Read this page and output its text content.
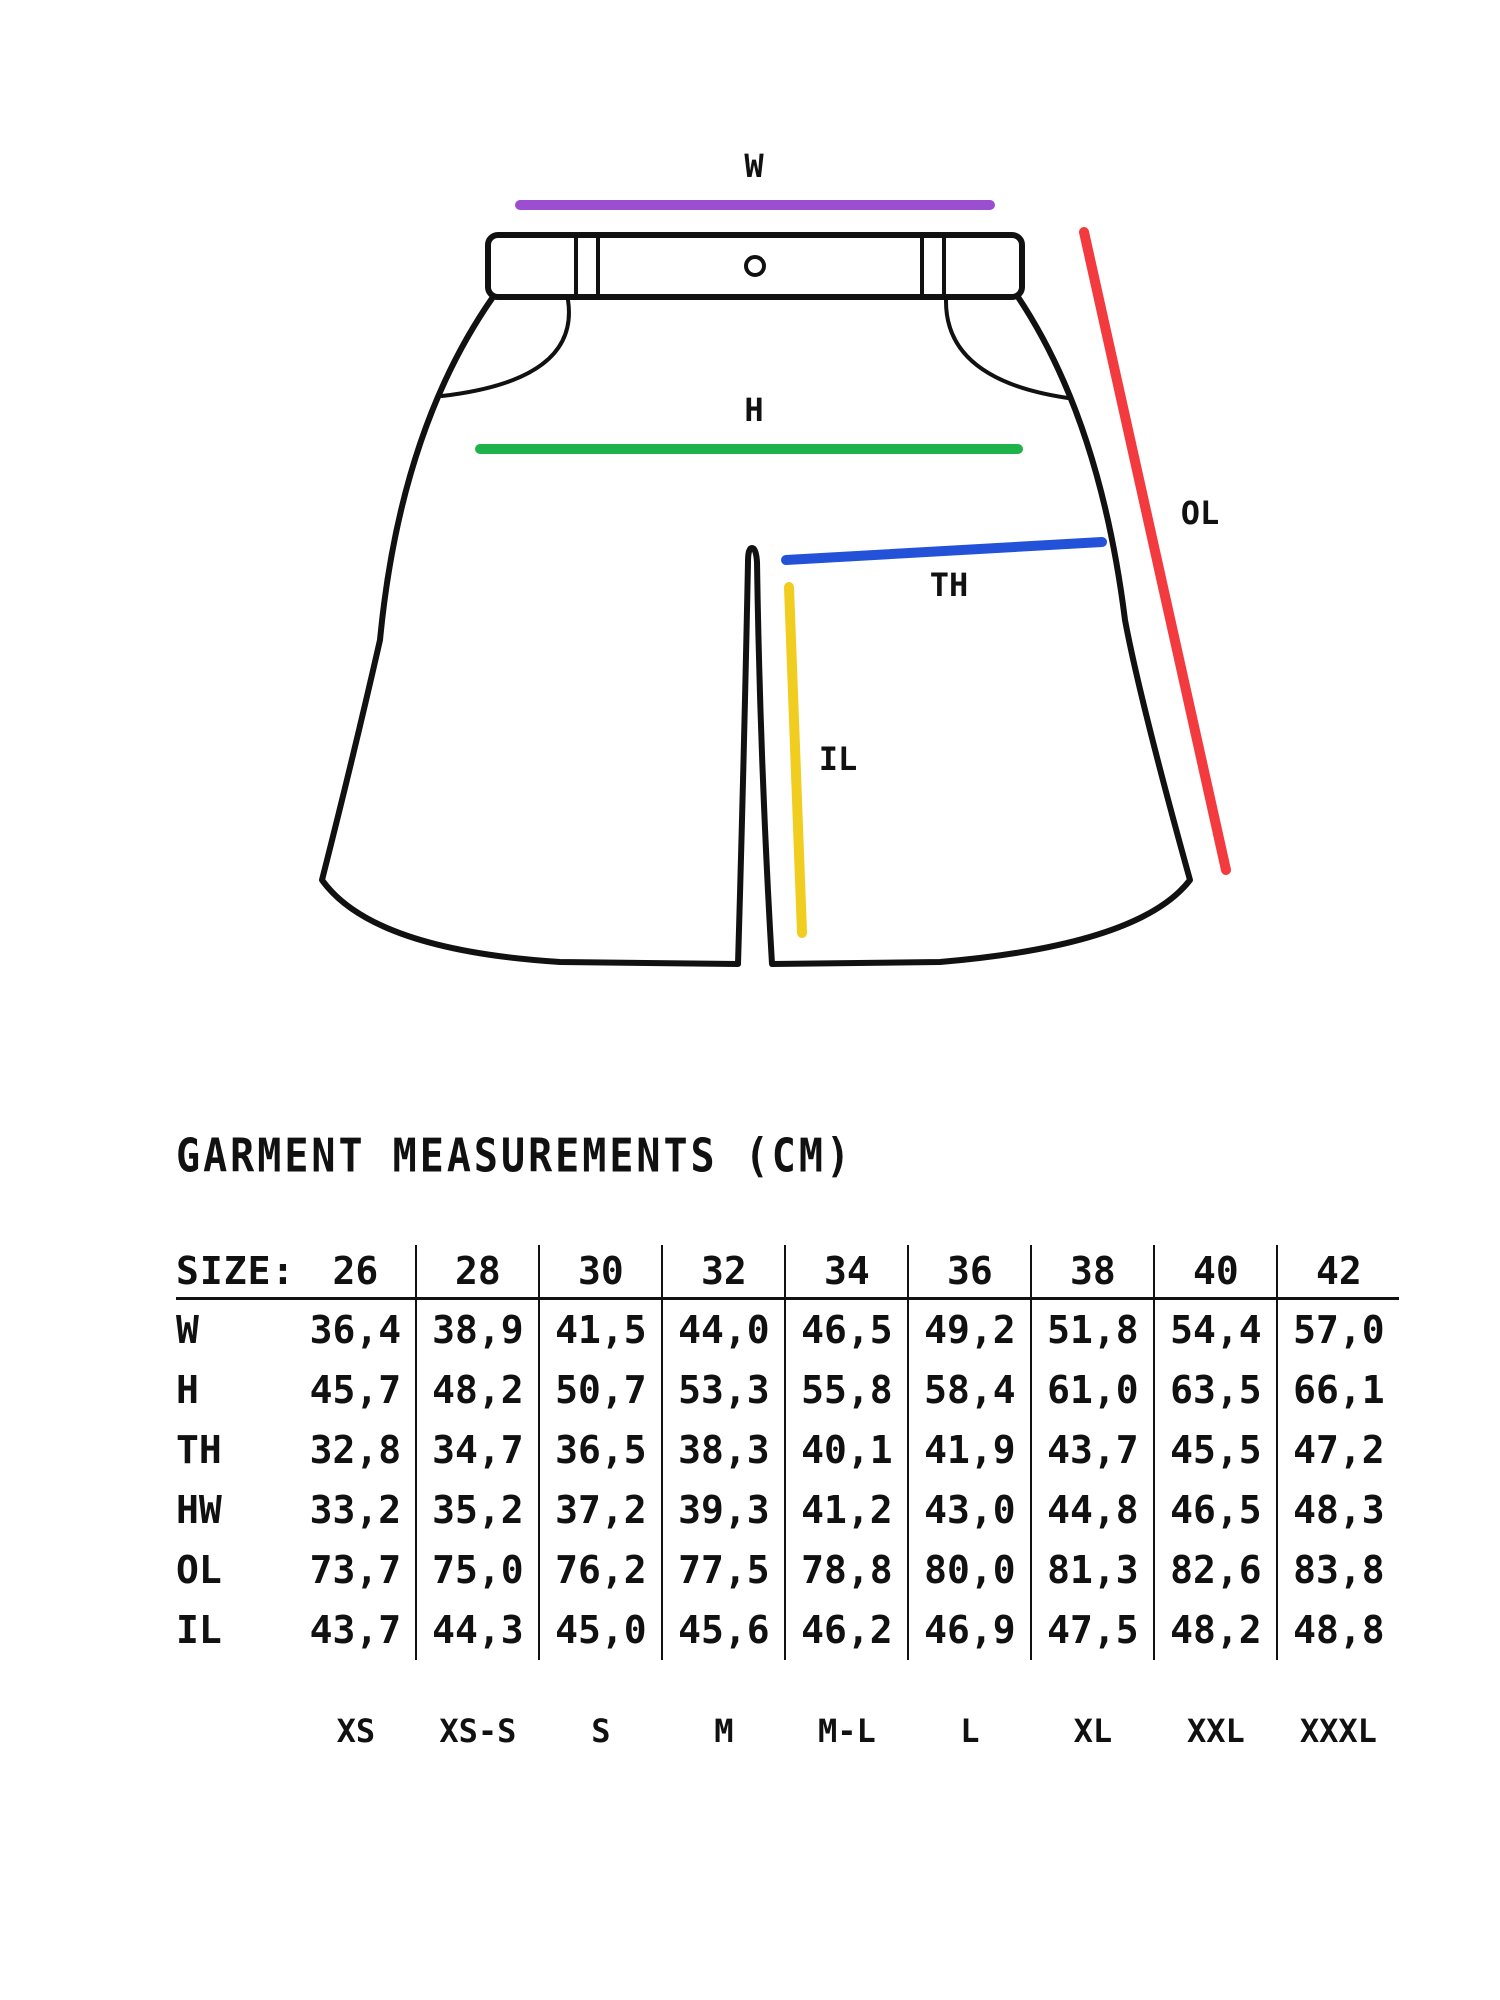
W
H
TH
IL
OL
GARMENT MEASUREMENTS (CM)
SIZE:	26	28	30	32	34	36	38	40	42
W	36,4	38,9	41,5	44,0	46,5	49,2	51,8	54,4	57,0
H	45,7	48,2	50,7	53,3	55,8	58,4	61,0	63,5	66,1
TH	32,8	34,7	36,5	38,3	40,1	41,9	43,7	45,5	47,2
HW	33,2	35,2	37,2	39,3	41,2	43,0	44,8	46,5	48,3
OL	73,7	75,0	76,2	77,5	78,8	80,0	81,3	82,6	83,8
IL	43,7	44,3	45,0	45,6	46,2	46,9	47,5	48,2	48,8
	XS	XS-S	S	M	M-L	L	XL	XXL	XXXL
